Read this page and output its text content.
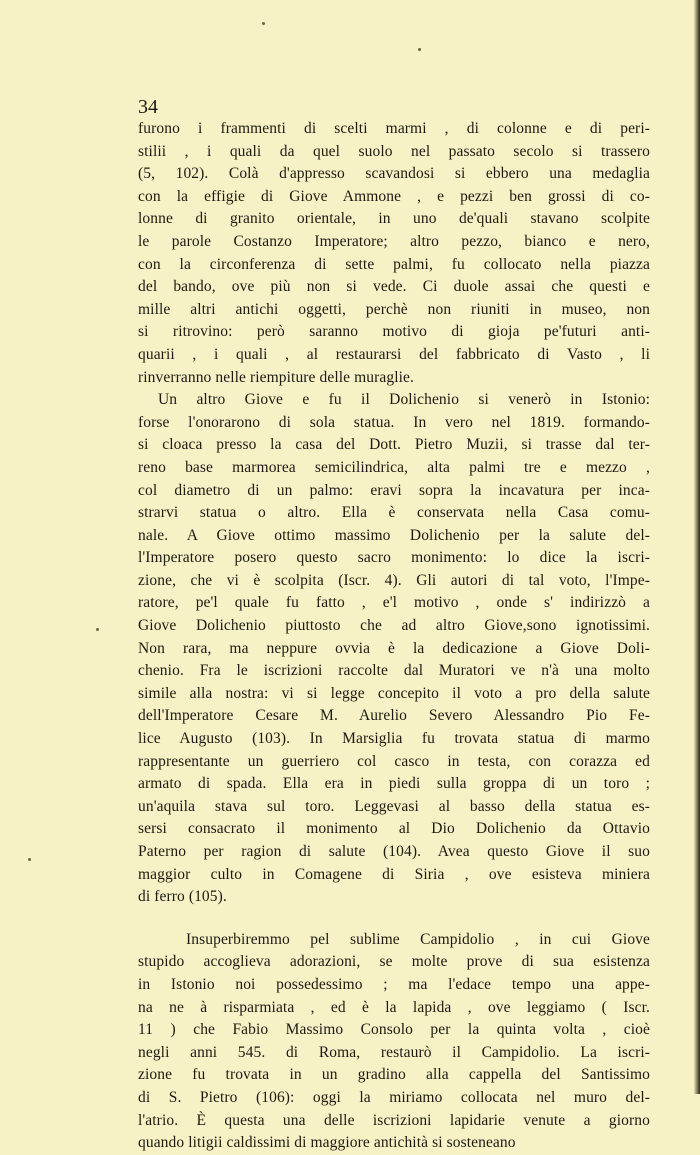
34
furono i frammenti di scelti marmi , di colonne e di peri-
stilii , i quali da quel suolo nel passato secolo si trassero
(5, 102). Colà d'appresso scavandosi si ebbero una medaglia
con la effigie di Giove Ammone , e pezzi ben grossi di co-
lonne di granito orientale, in uno de'quali stavano scolpite
le parole Costanzo Imperatore; altro pezzo, bianco e nero,
con la circonferenza di sette palmi, fu collocato nella piazza
del bando, ove più non si vede. Ci duole assai che questi e
mille altri antichi oggetti, perchè non riuniti in museo, non
si ritrovino: però saranno motivo di gioja pe'futuri anti-
quarii , i quali , al restaurarsi del fabbricato di Vasto , li
rinverranno nelle riempiture delle muraglie.
Un altro Giove e fu il Dolichenio si venerò in Istonio:
forse l'onorarono di sola statua. In vero nel 1819. formando-
si cloaca presso la casa del Dott. Pietro Muzii, si trasse dal ter-
reno base marmorea semicilindrica, alta palmi tre e mezzo ,
col diametro di un palmo: eravi sopra la incavatura per inca-
strarvi statua o altro. Ella è conservata nella Casa comu-
nale. A Giove ottimo massimo Dolichenio per la salute del-
l'Imperatore posero questo sacro monimento: lo dice la iscri-
zione, che vi è scolpita (Iscr. 4). Gli autori di tal voto, l'Impe-
ratore, pe'l quale fu fatto , e'l motivo , onde s' indirizzò a
Giove Dolichenio piuttosto che ad altro Giove,sono ignotissimi.
Non rara, ma neppure ovvia è la dedicazione a Giove Doli-
chenio. Fra le iscrizioni raccolte dal Muratori ve n'à una molto
simile alla nostra: vi si legge concepito il voto a pro della salute
dell'Imperatore Cesare M. Aurelio Severo Alessandro Pio Fe-
lice Augusto (103). In Marsiglia fu trovata statua di marmo
rappresentante un guerriero col casco in testa, con corazza ed
armato di spada. Ella era in piedi sulla groppa di un toro ;
un'aquila stava sul toro. Leggevasi al basso della statua es-
sersi consacrato il monimento al Dio Dolichenio da Ottavio
Paterno per ragion di salute (104). Avea questo Giove il suo
maggior culto in Comagene di Siria , ove esisteva miniera
di ferro (105).
Insuperbiremmo pel sublime Campidolio , in cui Giove
stupido accoglieva adorazioni, se molte prove di sua esistenza
in Istonio noi possedessimo ; ma l'edace tempo una appe-
na ne à risparmiata , ed è la lapida , ove leggiamo ( Iscr.
11 ) che Fabio Massimo Consolo per la quinta volta , cioè
negli anni 545. di Roma, restaurò il Campidolio. La iscri-
zione fu trovata in un gradino alla cappella del Santissimo
di S. Pietro (106): oggi la miriamo collocata nel muro del-
l'atrio. È questa una delle iscrizioni lapidarie venute a giorno
quando litigii caldissimi di maggiore antichità si sosteneano
